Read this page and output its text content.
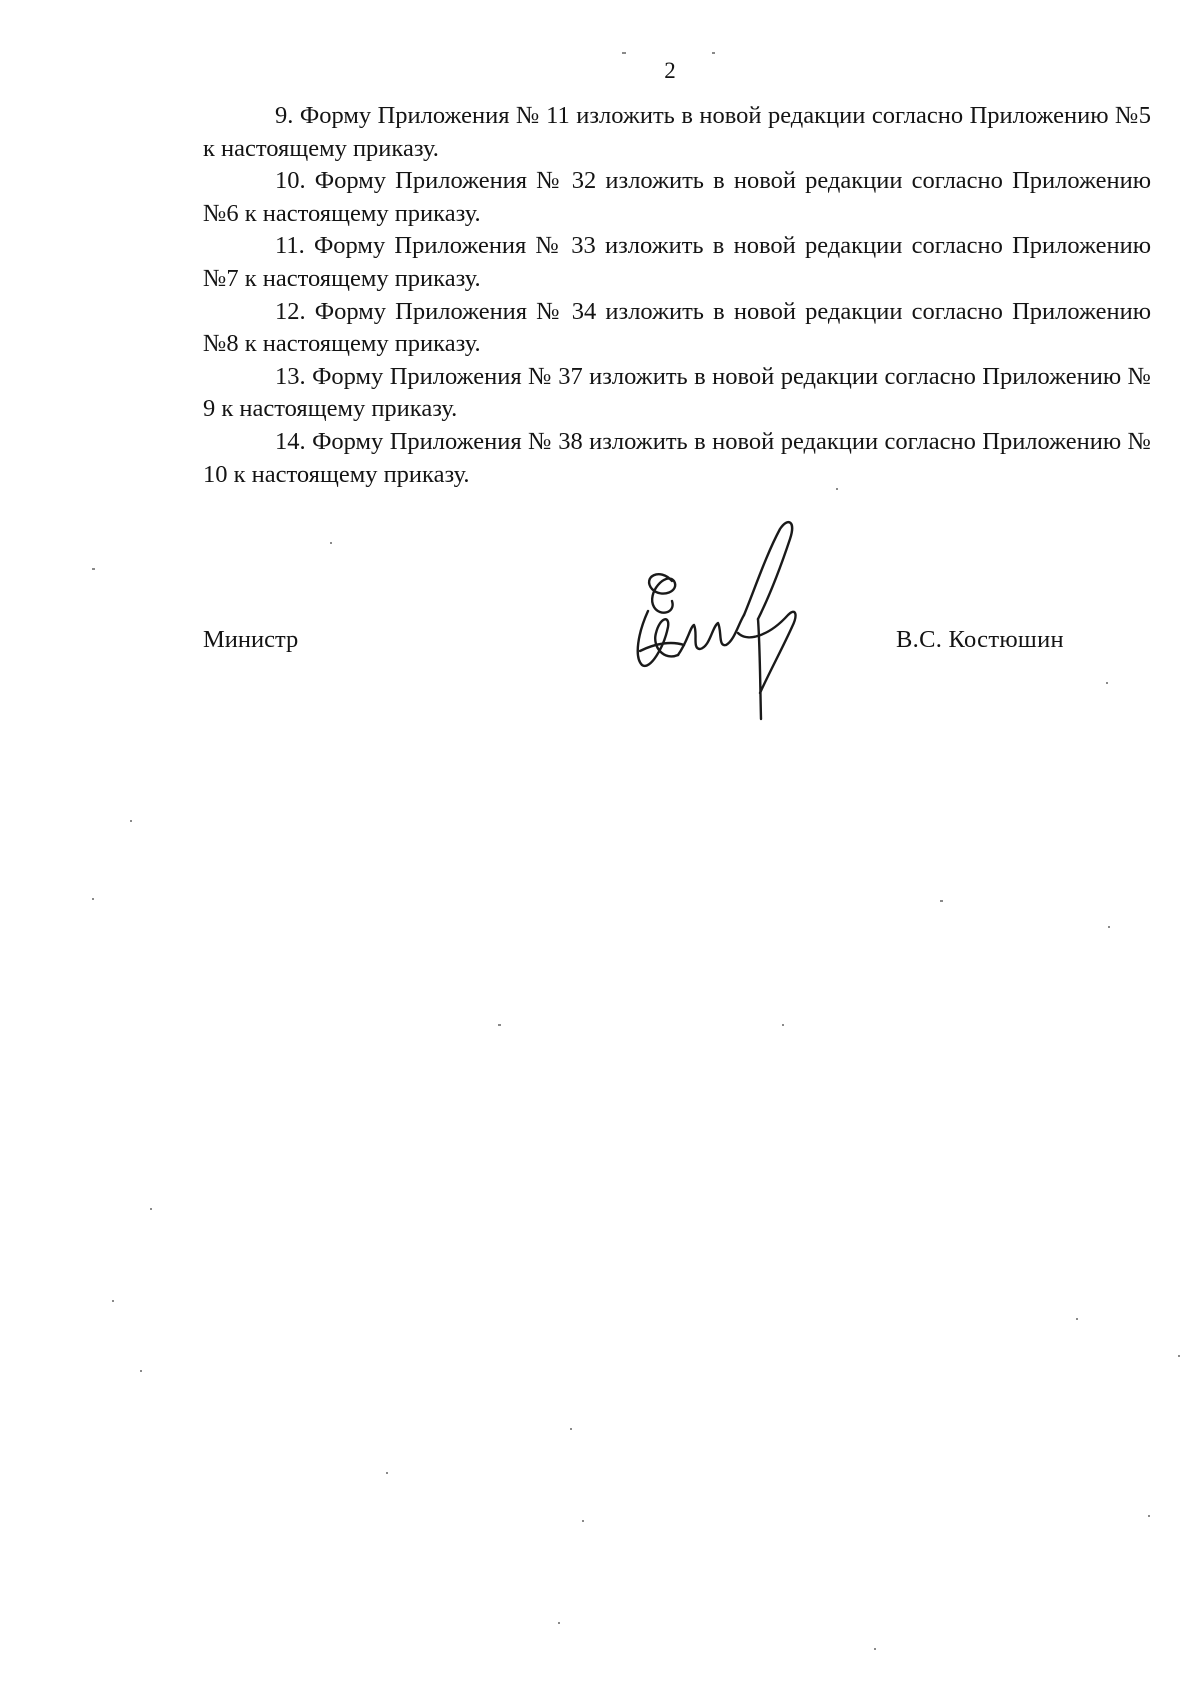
2

9. Форму Приложения № 11 изложить в новой редакции согласно Приложению №5 к настоящему приказу.

10. Форму Приложения № 32 изложить в новой редакции согласно Приложению №6 к настоящему приказу.

11. Форму Приложения № 33 изложить в новой редакции согласно Приложению №7 к настоящему приказу.

12. Форму Приложения № 34 изложить в новой редакции согласно Приложению №8 к настоящему приказу.

13. Форму Приложения № 37 изложить в новой редакции согласно Приложению № 9 к настоящему приказу.

14. Форму Приложения № 38 изложить в новой редакции согласно Приложению № 10 к настоящему приказу.

Министр	В.С. Костюшин
